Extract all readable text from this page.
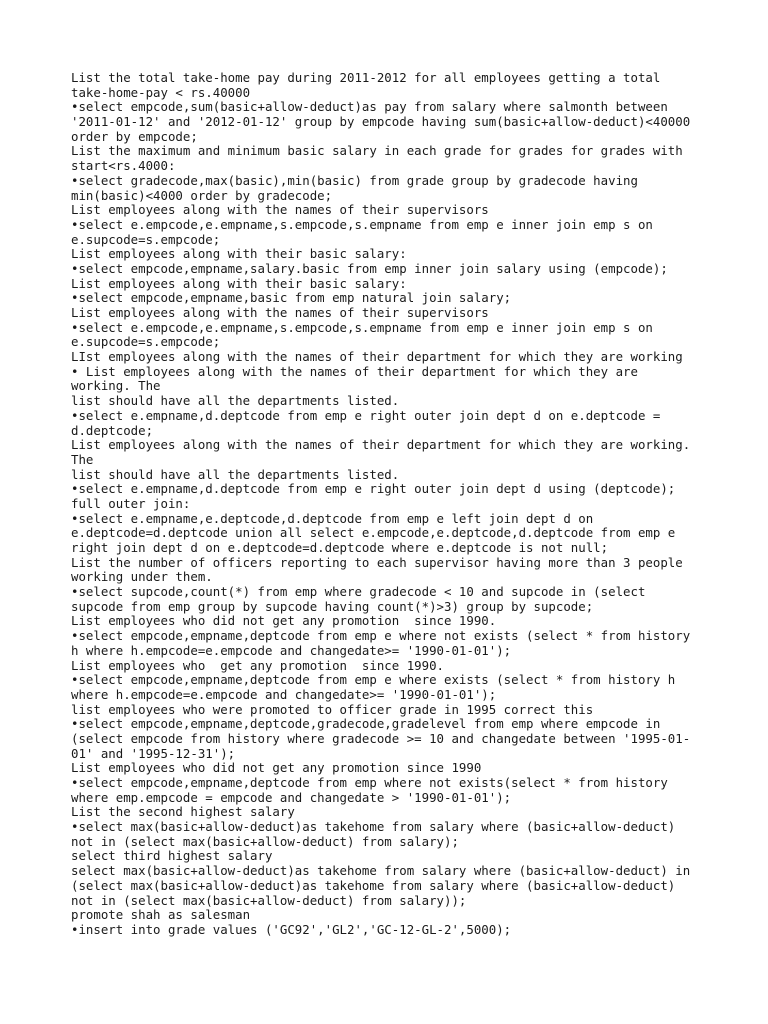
List the total take-home pay during 2011-2012 for all employees getting a total
take-home-pay < rs.40000
•select empcode,sum(basic+allow-deduct)as pay from salary where salmonth between
'2011-01-12' and '2012-01-12' group by empcode having sum(basic+allow-deduct)<40000
order by empcode;
List the maximum and minimum basic salary in each grade for grades for grades with
start<rs.4000:
•select gradecode,max(basic),min(basic) from grade group by gradecode having
min(basic)<4000 order by gradecode;
List employees along with the names of their supervisors
•select e.empcode,e.empname,s.empcode,s.empname from emp e inner join emp s on
e.supcode=s.empcode;
List employees along with their basic salary:
•select empcode,empname,salary.basic from emp inner join salary using (empcode);
List employees along with their basic salary:
•select empcode,empname,basic from emp natural join salary;
List employees along with the names of their supervisors
•select e.empcode,e.empname,s.empcode,s.empname from emp e inner join emp s on
e.supcode=s.empcode;
LIst employees along with the names of their department for which they are working
• List employees along with the names of their department for which they are
working. The
list should have all the departments listed.
•select e.empname,d.deptcode from emp e right outer join dept d on e.deptcode =
d.deptcode;
List employees along with the names of their department for which they are working.
The
list should have all the departments listed.
•select e.empname,d.deptcode from emp e right outer join dept d using (deptcode);
full outer join:
•select e.empname,e.deptcode,d.deptcode from emp e left join dept d on
e.deptcode=d.deptcode union all select e.empcode,e.deptcode,d.deptcode from emp e
right join dept d on e.deptcode=d.deptcode where e.deptcode is not null;
List the number of officers reporting to each supervisor having more than 3 people
working under them.
•select supcode,count(*) from emp where gradecode < 10 and supcode in (select
supcode from emp group by supcode having count(*)>3) group by supcode;
List employees who did not get any promotion  since 1990.
•select empcode,empname,deptcode from emp e where not exists (select * from history
h where h.empcode=e.empcode and changedate>= '1990-01-01');
List employees who  get any promotion  since 1990.
•select empcode,empname,deptcode from emp e where exists (select * from history h
where h.empcode=e.empcode and changedate>= '1990-01-01');
list employees who were promoted to officer grade in 1995 correct this
•select empcode,empname,deptcode,gradecode,gradelevel from emp where empcode in
(select empcode from history where gradecode >= 10 and changedate between '1995-01-
01' and '1995-12-31');
List employees who did not get any promotion since 1990
•select empcode,empname,deptcode from emp where not exists(select * from history
where emp.empcode = empcode and changedate > '1990-01-01');
List the second highest salary
•select max(basic+allow-deduct)as takehome from salary where (basic+allow-deduct)
not in (select max(basic+allow-deduct) from salary);
select third highest salary
select max(basic+allow-deduct)as takehome from salary where (basic+allow-deduct) in
(select max(basic+allow-deduct)as takehome from salary where (basic+allow-deduct)
not in (select max(basic+allow-deduct) from salary));
promote shah as salesman
•insert into grade values ('GC92','GL2','GC-12-GL-2',5000);
